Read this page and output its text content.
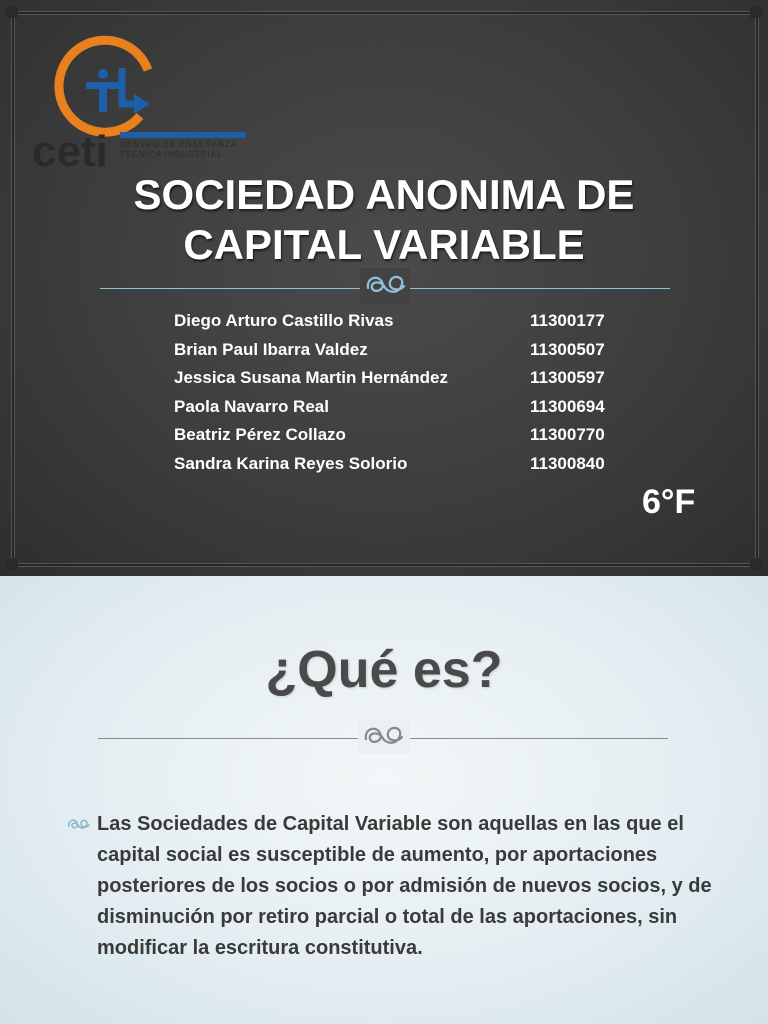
ceti CENTRO DE ENSEÑANZA
TECNICA INDUSTRIAL
SOCIEDAD ANONIMA DE
CAPITAL VARIABLE
Diego Arturo Castillo Rivas	11300177
Brian Paul Ibarra Valdez	11300507
Jessica Susana Martin Hernández	11300597
Paola Navarro Real	11300694
Beatriz Pérez Collazo	11300770
Sandra Karina Reyes Solorio	11300840
6°F
¿Qué es?
Las Sociedades de Capital Variable son aquellas en las que el capital social es susceptible de aumento, por aportaciones posteriores de los socios o por admisión de nuevos socios, y de disminución por retiro parcial o total de las aportaciones, sin modificar la escritura constitutiva.
